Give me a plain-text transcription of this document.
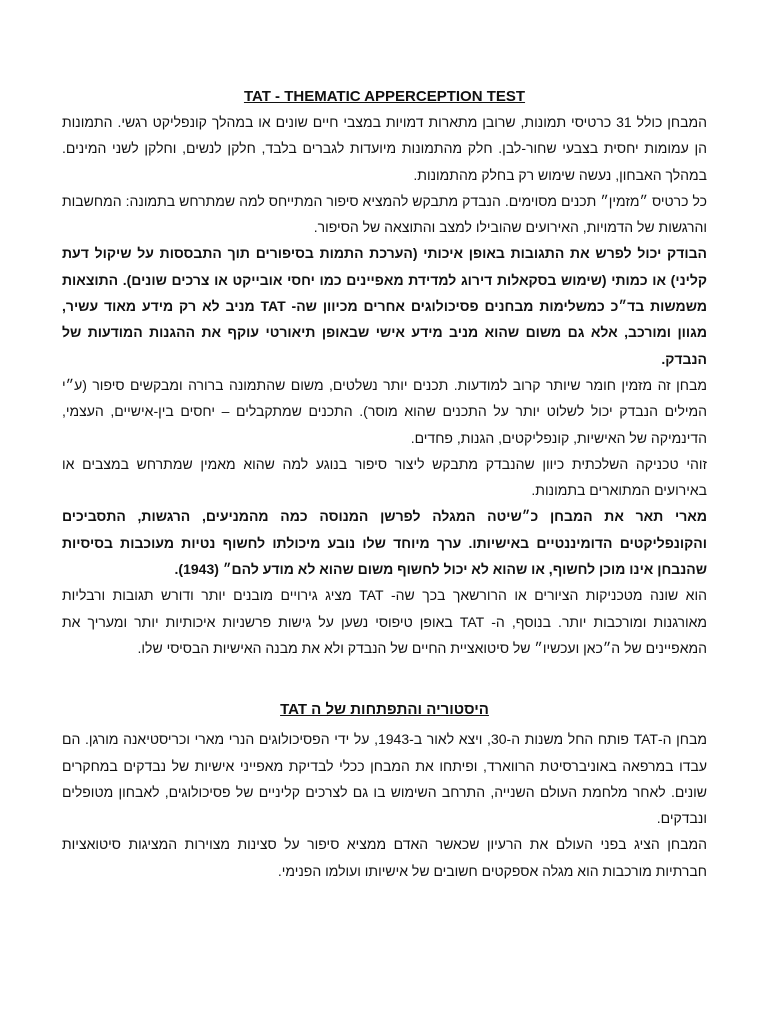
TAT - THEMATIC APPERCEPTION TEST

המבחן כולל 31 כרטיסי תמונות, שרובן מתארות דמויות במצבי חיים שונים או במהלך קונפליקט רגשי. התמונות הן עמומות יחסית בצבעי שחור-לבן. חלק מהתמונות מיועדות לגברים בלבד, חלקן לנשים, וחלקן לשני המינים. במהלך האבחון, נעשה שימוש רק בחלק מהתמונות.

כל כרטיס ״מזמין״ תכנים מסוימים. הנבדק מתבקש להמציא סיפור המתייחס למה שמתרחש בתמונה: המחשבות והרגשות של הדמויות, האירועים שהובילו למצב והתוצאה של הסיפור.

הבודק יכול לפרש את התגובות באופן איכותי (הערכת התמות בסיפורים תוך התבססות על שיקול דעת קליני) או כמותי (שימוש בסקאלות דירוג למדידת מאפיינים כמו יחסי אובייקט או צרכים שונים). התוצאות משמשות בד״כ כמשלימות מבחנים פסיכולוגים אחרים מכיוון שה- TAT מניב לא רק מידע מאוד עשיר, מגוון ומורכב, אלא גם משום שהוא מניב מידע אישי שבאופן תיאורטי עוקף את ההגנות המודעות של הנבדק.

מבחן זה מזמין חומר שיותר קרוב למודעות. תכנים יותר נשלטים, משום שהתמונה ברורה ומבקשים סיפור (ע״י המילים הנבדק יכול לשלוט יותר על התכנים שהוא מוסר). התכנים שמתקבלים – יחסים בין-אישיים, העצמי, הדינמיקה של האישיות, קונפליקטים, הגנות, פחדים.

זוהי טכניקה השלכתית כיוון שהנבדק מתבקש ליצור סיפור בנוגע למה שהוא מאמין שמתרחש במצבים או באירועים המתוארים בתמונות.

מארי תאר את המבחן כ״שיטה המגלה לפרשן המנוסה כמה מהמניעים, הרגשות, התסביכים והקונפליקטים הדומיננטיים באישיותו. ערך מיוחד שלו נובע מיכולתו לחשוף נטיות מעוכבות בסיסיות שהנבחן אינו מוכן לחשוף, או שהוא לא יכול לחשוף משום שהוא לא מודע להם״ (1943).

הוא שונה מטכניקות הציורים או הרורשאך בכך שה- TAT מציג גירויים מובנים יותר ודורש תגובות ורבליות מאורגנות ומורכבות יותר. בנוסף, ה- TAT באופן טיפוסי נשען על גישות פרשניות איכותיות יותר ומעריך את המאפיינים של ה״כאן ועכשיו״ של סיטואציית החיים של הנבדק ולא את מבנה האישיות הבסיסי שלו.

היסטוריה והתפתחות של ה TAT

מבחן ה-TAT פותח החל משנות ה-30, ויצא לאור ב-1943, על ידי הפסיכולוגים הנרי מארי וכריסטיאנה מורגן. הם עבדו במרפאה באוניברסיטת הרווארד, ופיתחו את המבחן ככלי לבדיקת מאפייני אישיות של נבדקים במחקרים שונים. לאחר מלחמת העולם השנייה, התרחב השימוש בו גם לצרכים קליניים של פסיכולוגים, לאבחון מטופלים ונבדקים.

המבחן הציג בפני העולם את הרעיון שכאשר האדם ממציא סיפור על סצינות מצוירות המציגות סיטואציות חברתיות מורכבות הוא מגלה אספקטים חשובים של אישיותו ועולמו הפנימי.
